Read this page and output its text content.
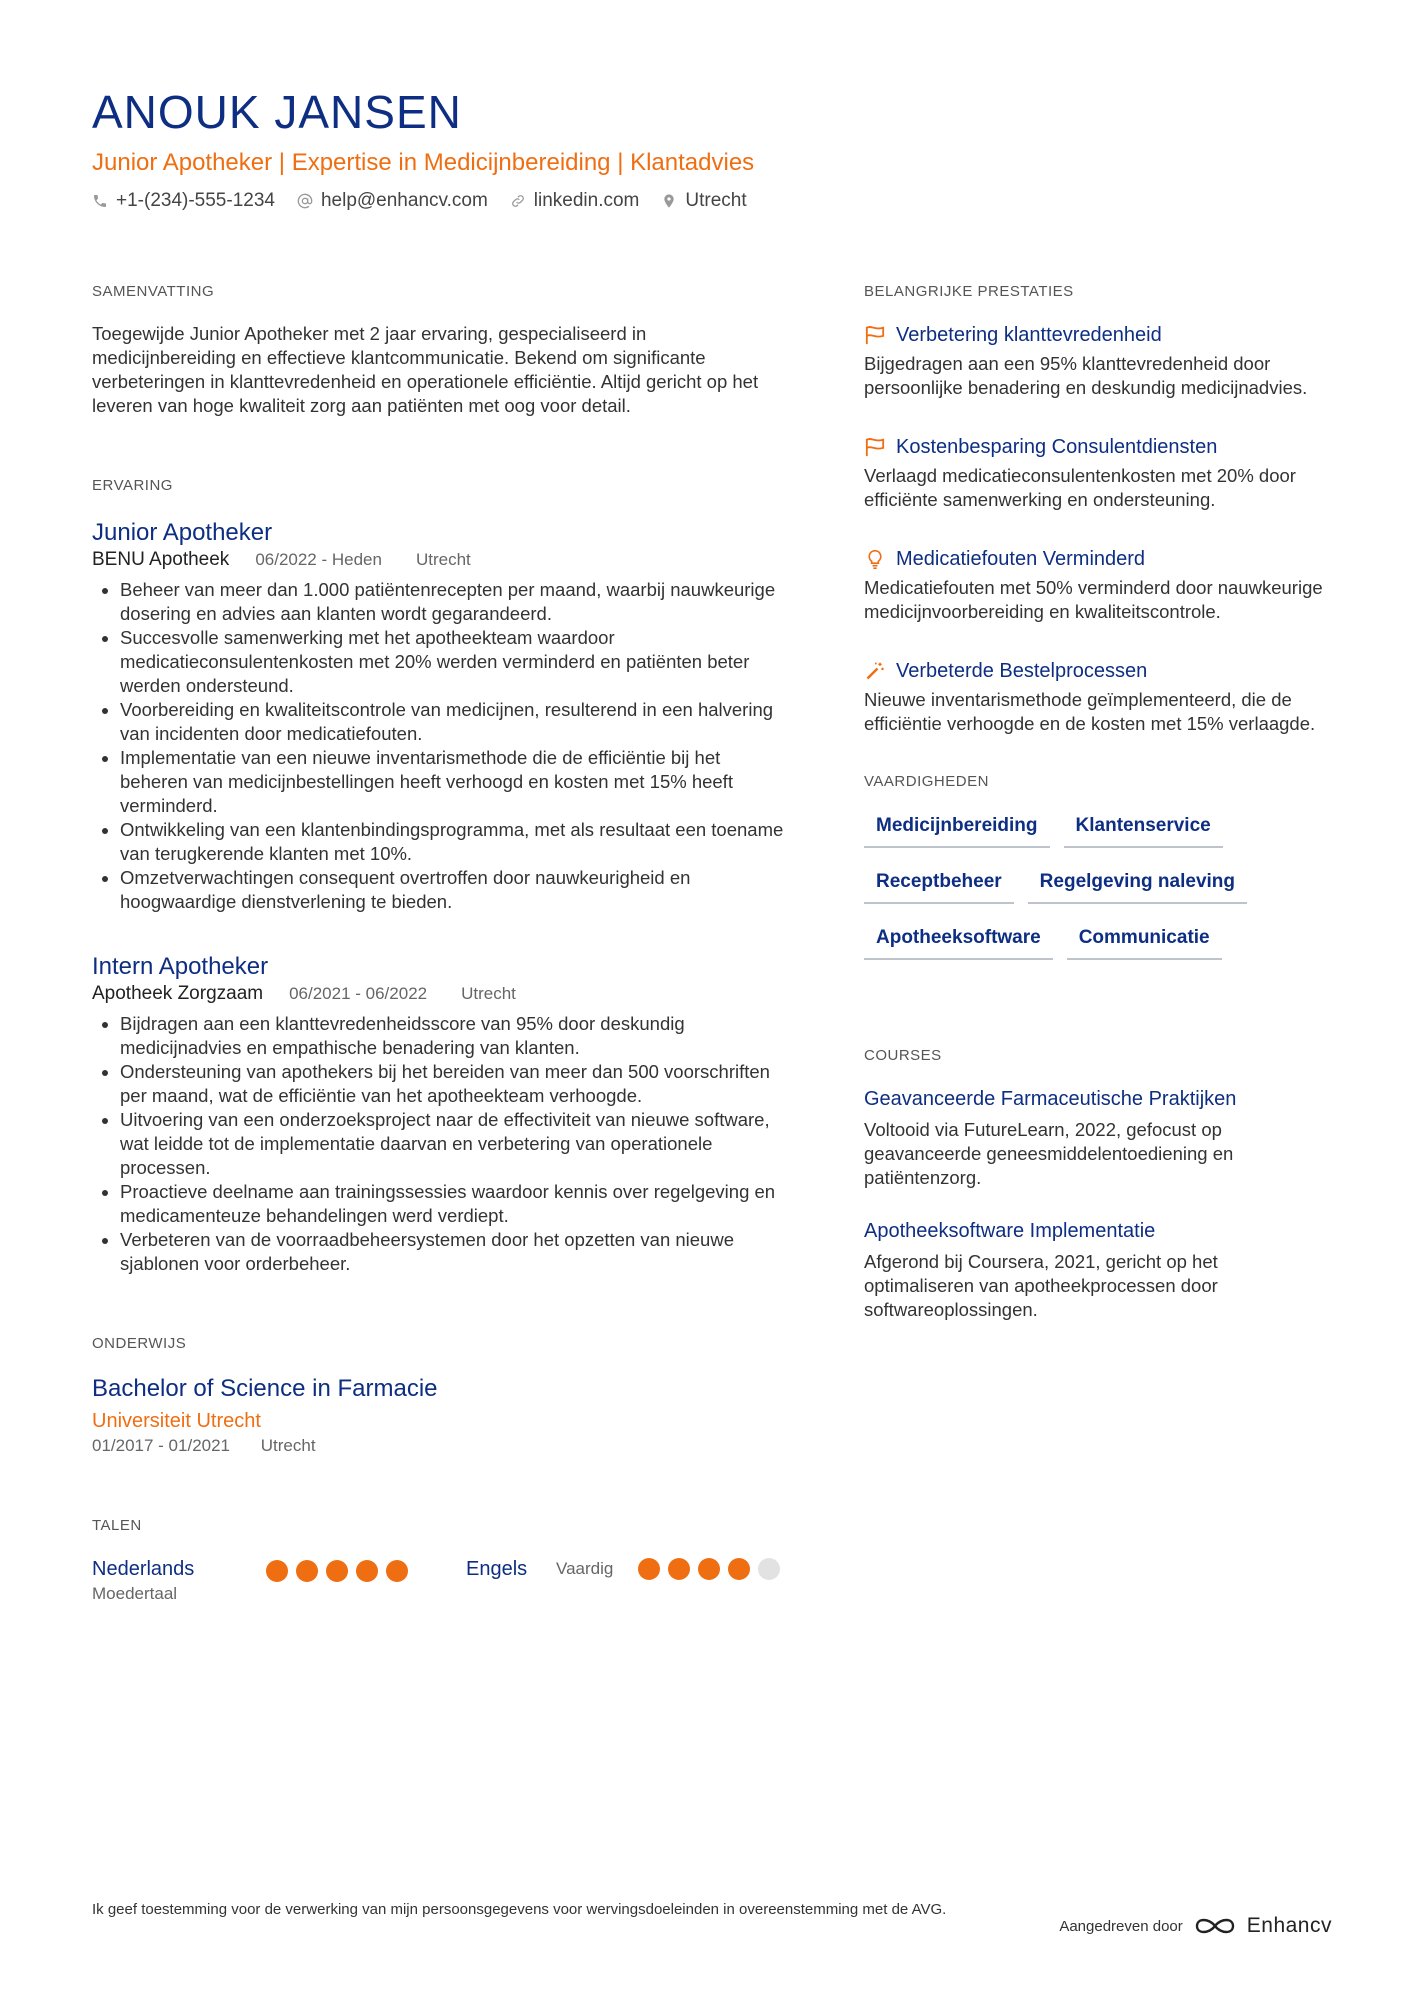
ANOUK JANSEN
Junior Apotheker | Expertise in Medicijnbereiding | Klantadvies
+1-(234)-555-1234 help@enhancv.com linkedin.com Utrecht
SAMENVATTING
Toegewijde Junior Apotheker met 2 jaar ervaring, gespecialiseerd in medicijnbereiding en effectieve klantcommunicatie. Bekend om significante verbeteringen in klanttevredenheid en operationele efficiëntie. Altijd gericht op het leveren van hoge kwaliteit zorg aan patiënten met oog voor detail.
ERVARING
Junior Apotheker
BENU Apotheek 06/2022 - Heden Utrecht
• Beheer van meer dan 1.000 patiëntenrecepten per maand, waarbij nauwkeurige dosering en advies aan klanten wordt gegarandeerd.
• Succesvolle samenwerking met het apotheekteam waardoor medicatieconsulentenkosten met 20% werden verminderd en patiënten beter werden ondersteund.
• Voorbereiding en kwaliteitscontrole van medicijnen, resulterend in een halvering van incidenten door medicatiefouten.
• Implementatie van een nieuwe inventarismethode die de efficiëntie bij het beheren van medicijnbestellingen heeft verhoogd en kosten met 15% heeft verminderd.
• Ontwikkeling van een klantenbindingsprogramma, met als resultaat een toename van terugkerende klanten met 10%.
• Omzetverwachtingen consequent overtroffen door nauwkeurigheid en hoogwaardige dienstverlening te bieden.
Intern Apotheker
Apotheek Zorgzaam 06/2021 - 06/2022 Utrecht
• Bijdragen aan een klanttevredenheidsscore van 95% door deskundig medicijnadvies en empathische benadering van klanten.
• Ondersteuning van apothekers bij het bereiden van meer dan 500 voorschriften per maand, wat de efficiëntie van het apotheekteam verhoogde.
• Uitvoering van een onderzoeksproject naar de effectiviteit van nieuwe software, wat leidde tot de implementatie daarvan en verbetering van operationele processen.
• Proactieve deelname aan trainingssessies waardoor kennis over regelgeving en medicamenteuze behandelingen werd verdiept.
• Verbeteren van de voorraadbeheersystemen door het opzetten van nieuwe sjablonen voor orderbeheer.
ONDERWIJS
Bachelor of Science in Farmacie
Universiteit Utrecht
01/2017 - 01/2021 Utrecht
TALEN
Nederlands
Moedertaal
Engels	Vaardig
BELANGRIJKE PRESTATIES
Verbetering klanttevredenheid
Bijgedragen aan een 95% klanttevredenheid door persoonlijke benadering en deskundig medicijnadvies.
Kostenbesparing Consulentdiensten
Verlaagd medicatieconsulentenkosten met 20% door efficiënte samenwerking en ondersteuning.
Medicatiefouten Verminderd
Medicatiefouten met 50% verminderd door nauwkeurige medicijnvoorbereiding en kwaliteitscontrole.
Verbeterde Bestelprocessen
Nieuwe inventarismethode geïmplementeerd, die de efficiëntie verhoogde en de kosten met 15% verlaagde.
VAARDIGHEDEN
Medicijnbereiding	Klantenservice
Receptbeheer	Regelgeving naleving
Apotheeksoftware	Communicatie
COURSES
Geavanceerde Farmaceutische Praktijken
Voltooid via FutureLearn, 2022, gefocust op geavanceerde geneesmiddelentoediening en patiëntenzorg.
Apotheeksoftware Implementatie
Afgerond bij Coursera, 2021, gericht op het optimaliseren van apotheekprocessen door softwareoplossingen.
Ik geef toestemming voor de verwerking van mijn persoonsgegevens voor wervingsdoeleinden in overeenstemming met de AVG.
Aangedreven door	Enhancv
